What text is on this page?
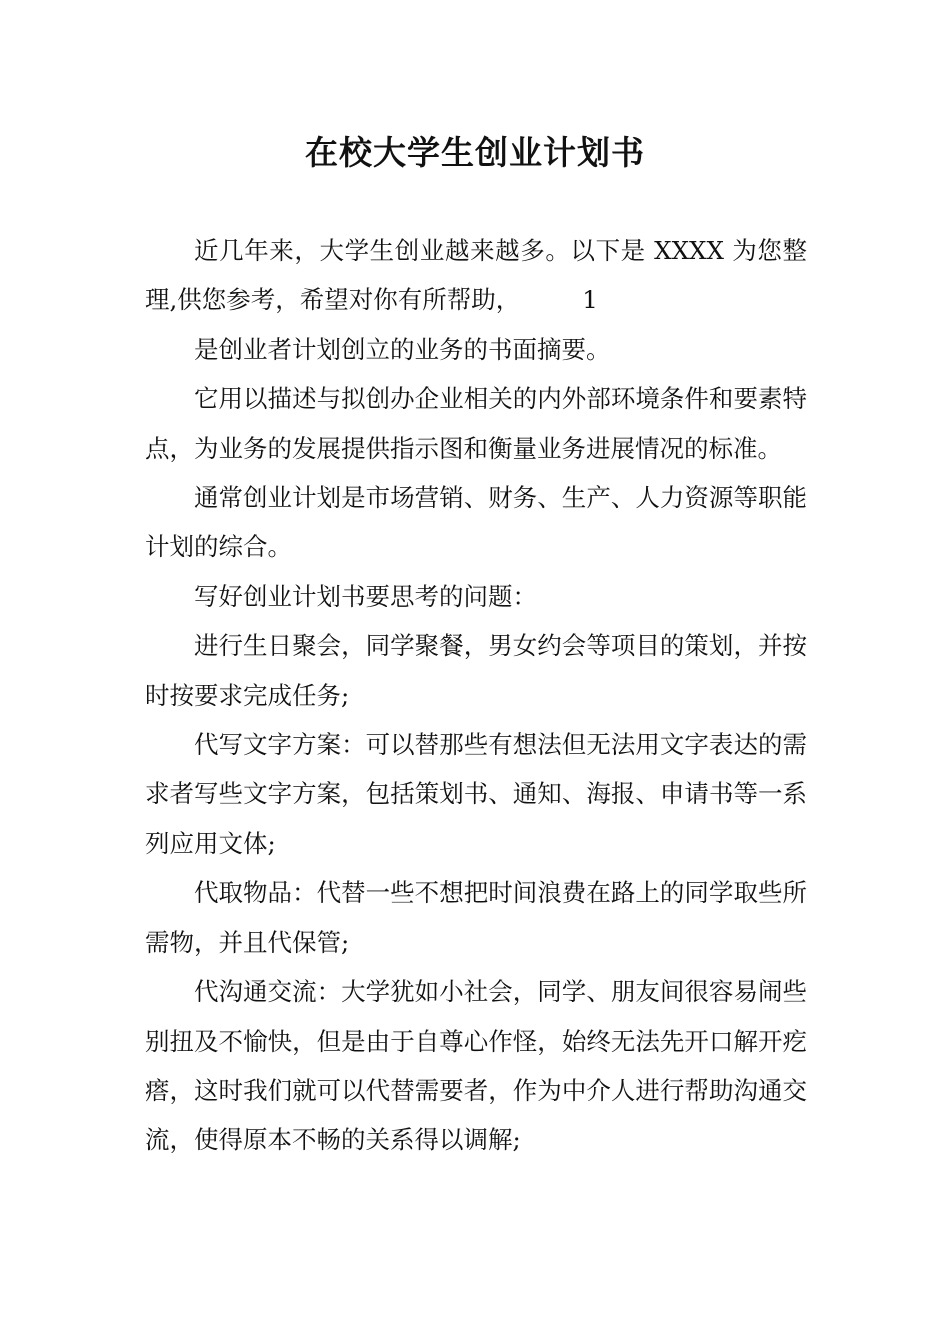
在校大学生创业计划书

近几年来，大学生创业越来越多。以下是 XXXX 为您整理,供您参考，希望对你有所帮助，	1

是创业者计划创立的业务的书面摘要。

它用以描述与拟创办企业相关的内外部环境条件和要素特点，为业务的发展提供指示图和衡量业务进展情况的标准。

通常创业计划是市场营销、财务、生产、人力资源等职能计划的综合。

写好创业计划书要思考的问题：

进行生日聚会，同学聚餐，男女约会等项目的策划，并按时按要求完成任务;

代写文字方案：可以替那些有想法但无法用文字表达的需求者写些文字方案，包括策划书、通知、海报、申请书等一系列应用文体;

代取物品：代替一些不想把时间浪费在路上的同学取些所需物，并且代保管;

代沟通交流：大学犹如小社会，同学、朋友间很容易闹些别扭及不愉快，但是由于自尊心作怪，始终无法先开口解开疙瘩，这时我们就可以代替需要者，作为中介人进行帮助沟通交流，使得原本不畅的关系得以调解;
